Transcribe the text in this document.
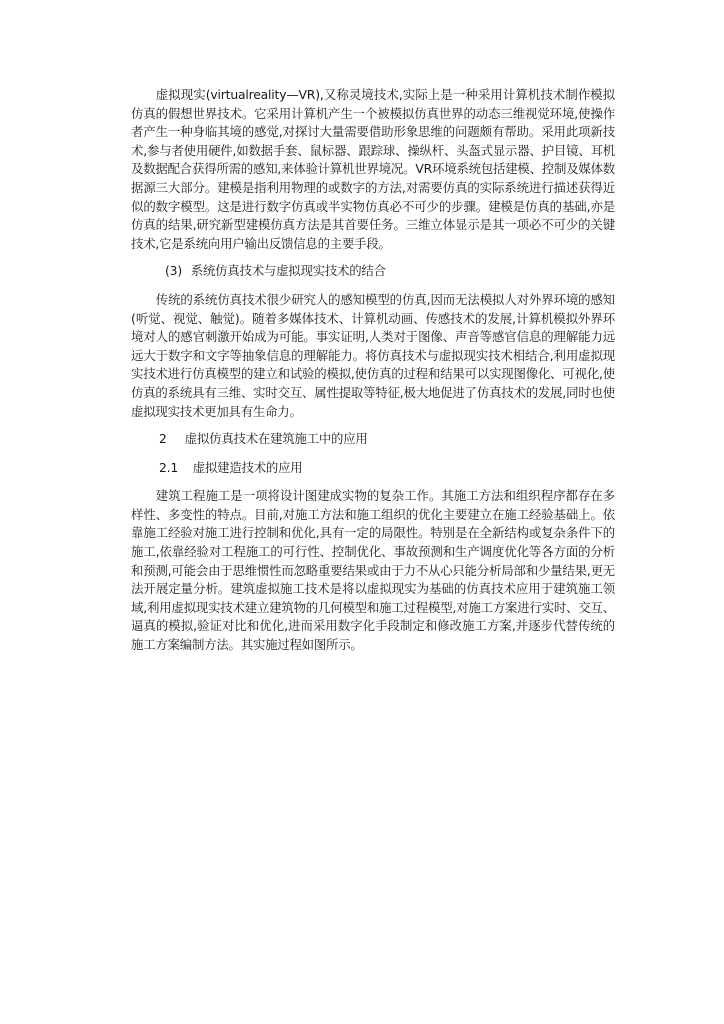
虚拟现实(virtualreality—VR),又称灵境技术,实际上是一种采用计算机技术制作模拟仿真的假想世界技术。它采用计算机产生一个被模拟仿真世界的动态三维视觉环境,使操作者产生一种身临其境的感觉,对探讨大量需要借助形象思维的问题颇有帮助。采用此项新技术,参与者使用硬件,如数据手套、鼠标器、跟踪球、操纵杆、头盔式显示器、护目镜、耳机及数据配合获得所需的感知,来体验计算机世界境况。VR环境系统包括建模、控制及媒体数据源三大部分。建模是指利用物理的或数字的方法,对需要仿真的实际系统进行描述获得近似的数字模型。这是进行数字仿真或半实物仿真必不可少的步骤。建模是仿真的基础,亦是仿真的结果,研究新型建模仿真方法是其首要任务。三维立体显示是其一项必不可少的关键技术,它是系统向用户输出反馈信息的主要手段。

(3) 系统仿真技术与虚拟现实技术的结合

传统的系统仿真技术很少研究人的感知模型的仿真,因而无法模拟人对外界环境的感知(听觉、视觉、触觉)。随着多媒体技术、计算机动画、传感技术的发展,计算机模拟外界环境对人的感官刺激开始成为可能。事实证明,人类对于图像、声音等感官信息的理解能力远远大于数字和文字等抽象信息的理解能力。将仿真技术与虚拟现实技术相结合,利用虚拟现实技术进行仿真模型的建立和试验的模拟,使仿真的过程和结果可以实现图像化、可视化,使仿真的系统具有三维、实时交互、属性提取等特征,极大地促进了仿真技术的发展,同时也使虚拟现实技术更加具有生命力。

2 虚拟仿真技术在建筑施工中的应用
2.1 虚拟建造技术的应用

建筑工程施工是一项将设计图建成实物的复杂工作。其施工方法和组织程序都存在多样性、多变性的特点。目前,对施工方法和施工组织的优化主要建立在施工经验基础上。依靠施工经验对施工进行控制和优化,具有一定的局限性。特别是在全新结构或复杂条件下的施工,依靠经验对工程施工的可行性、控制优化、事故预测和生产调度优化等各方面的分析和预测,可能会由于思维惯性而忽略重要结果或由于力不从心只能分析局部和少量结果,更无法开展定量分析。建筑虚拟施工技术是将以虚拟现实为基础的仿真技术应用于建筑施工领域,利用虚拟现实技术建立建筑物的几何模型和施工过程模型,对施工方案进行实时、交互、逼真的模拟,验证对比和优化,进而采用数字化手段制定和修改施工方案,并逐步代替传统的施工方案编制方法。其实施过程如图所示。
